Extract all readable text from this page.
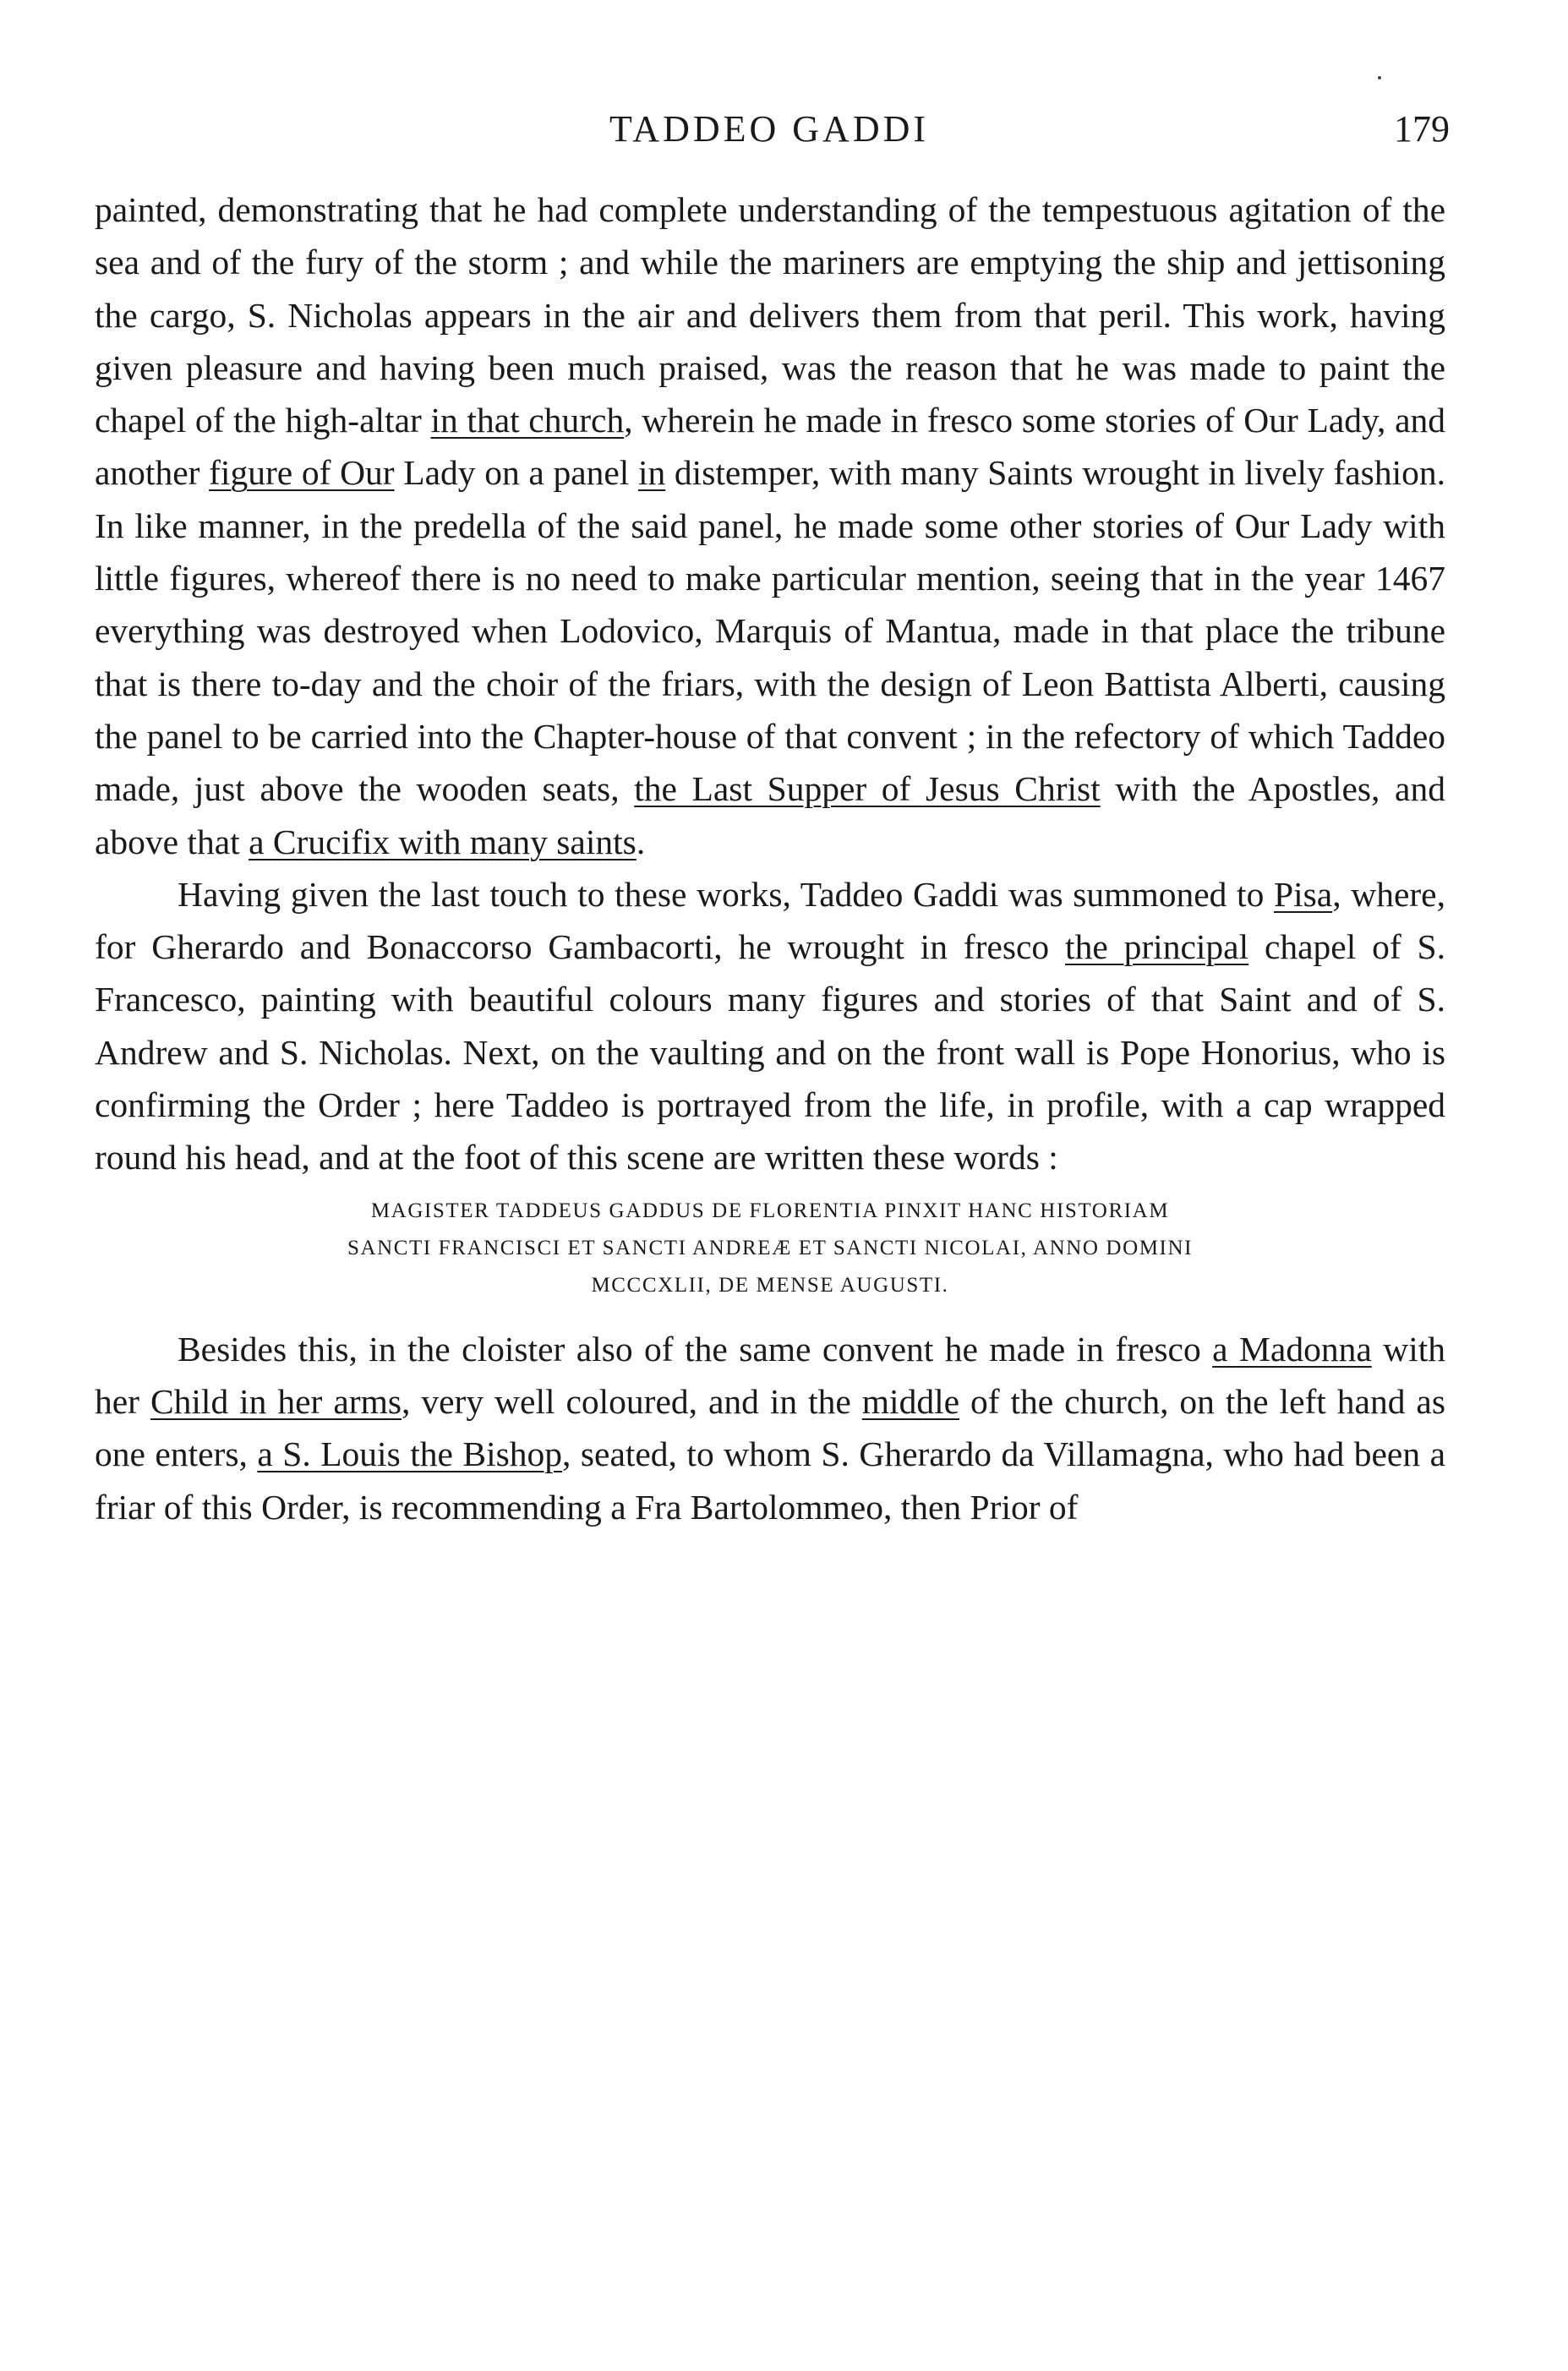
TADDEO GADDI	179

painted, demonstrating that he had complete understanding of the tempestuous agitation of the sea and of the fury of the storm ; and while the mariners are emptying the ship and jettisoning the cargo, S. Nicholas appears in the air and delivers them from that peril. This work, having given pleasure and having been much praised, was the reason that he was made to paint the chapel of the high-altar in that church, wherein he made in fresco some stories of Our Lady, and another figure of Our Lady on a panel in distemper, with many Saints wrought in lively fashion. In like manner, in the predella of the said panel, he made some other stories of Our Lady with little figures, whereof there is no need to make particular mention, seeing that in the year 1467 everything was destroyed when Lodovico, Marquis of Mantua, made in that place the tribune that is there to-day and the choir of the friars, with the design of Leon Battista Alberti, causing the panel to be carried into the Chapter-house of that convent ; in the refectory of which Taddeo made, just above the wooden seats, the Last Supper of Jesus Christ with the Apostles, and above that a Crucifix with many saints.

Having given the last touch to these works, Taddeo Gaddi was summoned to Pisa, where, for Gherardo and Bonaccorso Gambacorti, he wrought in fresco the principal chapel of S. Francesco, painting with beautiful colours many figures and stories of that Saint and of S. Andrew and S. Nicholas. Next, on the vaulting and on the front wall is Pope Honorius, who is confirming the Order ; here Taddeo is portrayed from the life, in profile, with a cap wrapped round his head, and at the foot of this scene are written these words :

MAGISTER TADDEUS GADDUS DE FLORENTIA PINXIT HANC HISTORIAM
SANCTI FRANCISCI ET SANCTI ANDREÆ ET SANCTI NICOLAI, ANNO DOMINI
MCCCXLII, DE MENSE AUGUSTI.

Besides this, in the cloister also of the same convent he made in fresco a Madonna with her Child in her arms, very well coloured, and in the middle of the church, on the left hand as one enters, a S. Louis the Bishop, seated, to whom S. Gherardo da Villamagna, who had been a friar of this Order, is recommending a Fra Bartolommeo, then Prior of
